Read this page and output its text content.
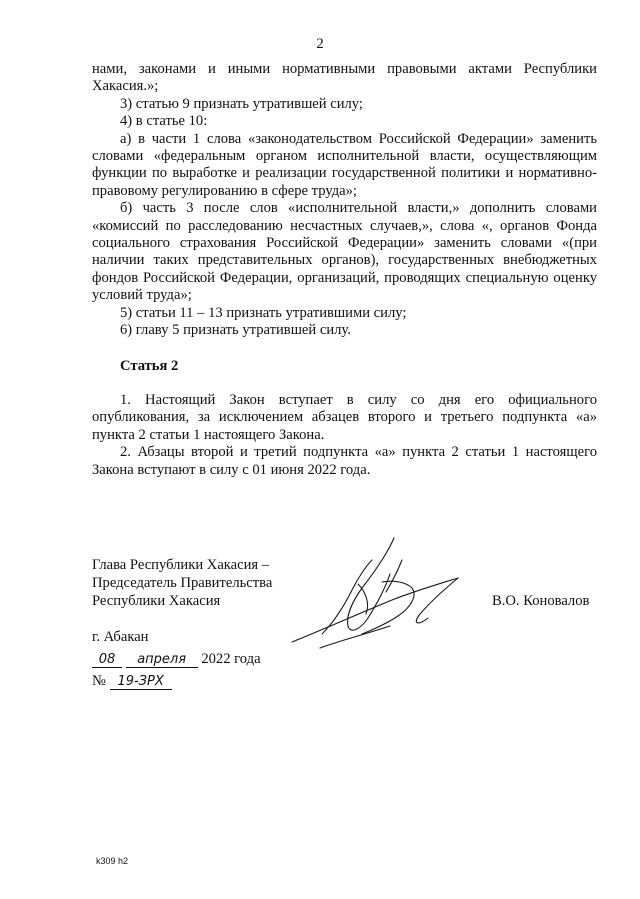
2

нами, законами и иными нормативными правовыми актами Республики Хакасия.»;

3) статью 9 признать утратившей силу;

4) в статье 10:

а) в части 1 слова «законодательством Российской Федерации» заменить словами «федеральным органом исполнительной власти, осуществляющим функции по выработке и реализации государственной политики и нормативно-правовому регулированию в сфере труда»;

б) часть 3 после слов «исполнительной власти,» дополнить словами «комиссий по расследованию несчастных случаев,», слова «, органов Фонда социального страхования Российской Федерации» заменить словами «(при наличии таких представительных органов), государственных внебюджетных фондов Российской Федерации, организаций, проводящих специальную оценку условий труда»;

5) статьи 11 – 13 признать утратившими силу;

6) главу 5 признать утратившей силу.

Статья 2

1. Настоящий Закон вступает в силу со дня его официального опубликования, за исключением абзацев второго и третьего подпункта «а» пункта 2 статьи 1 настоящего Закона.

2. Абзацы второй и третий подпункта «а» пункта 2 статьи 1 настоящего Закона вступают в силу с 01 июня 2022 года.

Глава Республики Хакасия –
Председатель Правительства
Республики Хакасия	В.О. Коновалов
г. Абакан
08 апреля 2022 года
№ 19-ЗРХ
k309 h2
